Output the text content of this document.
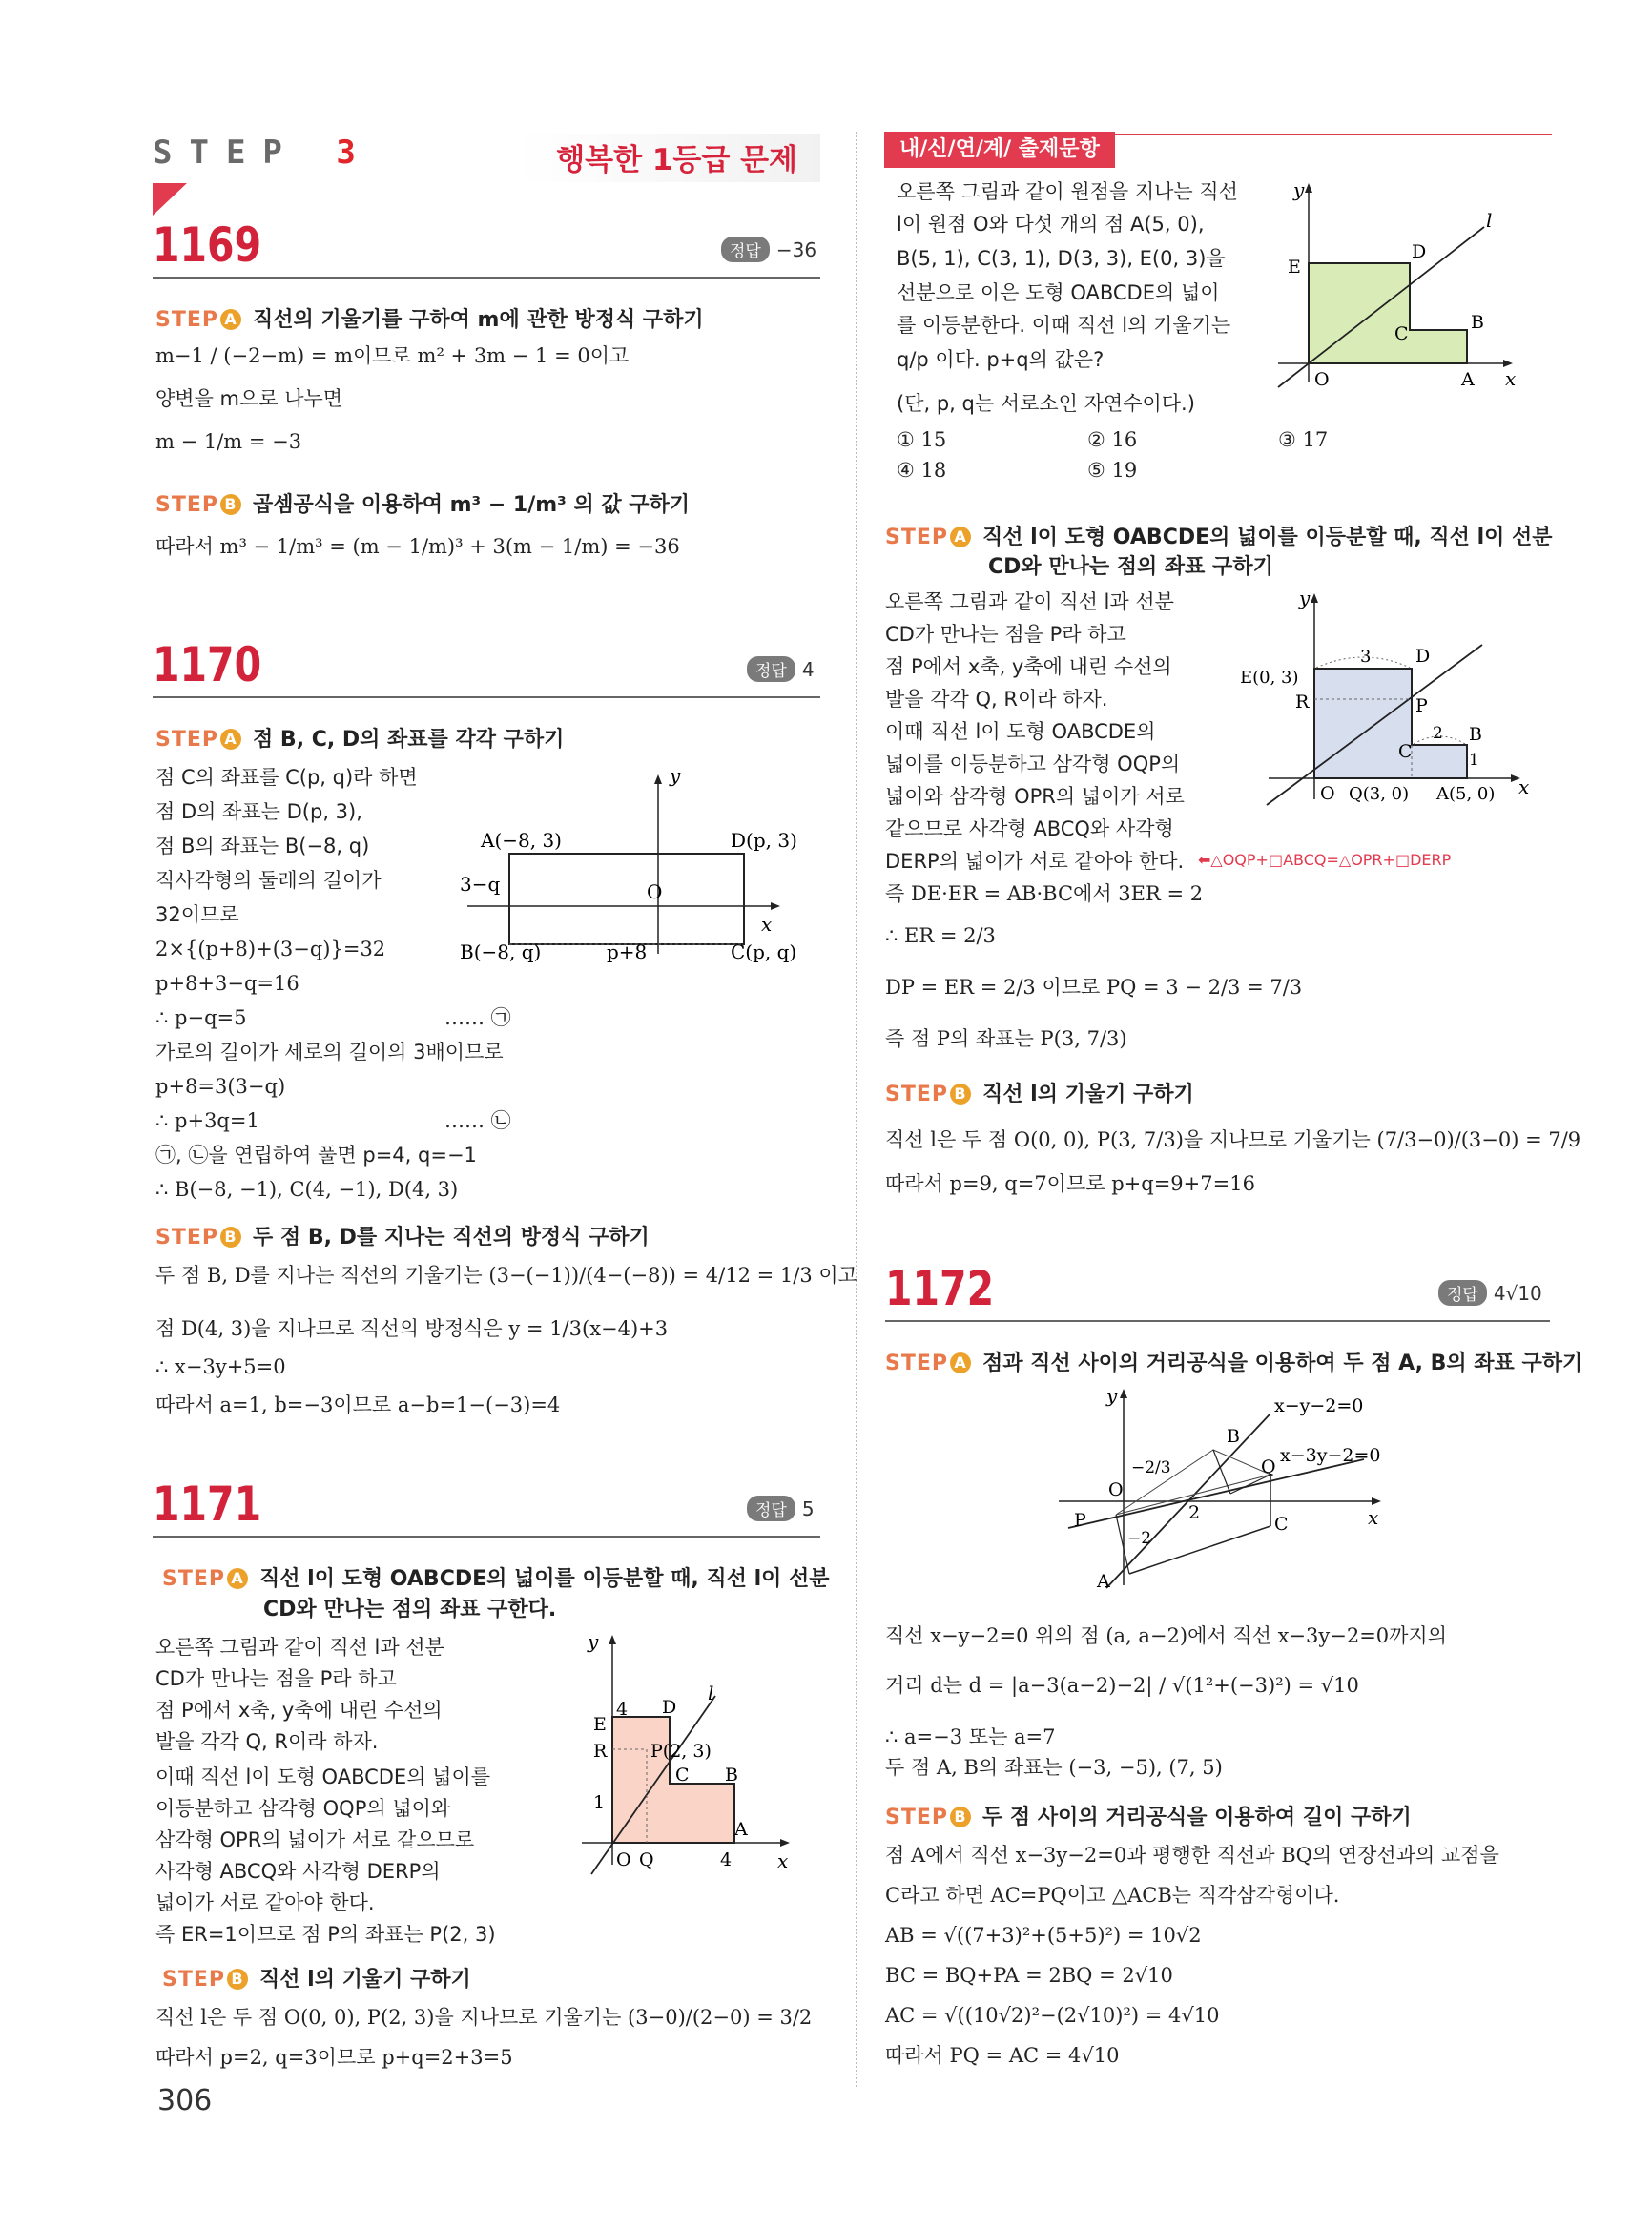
STEP 3	행복한 1등급 문제
1169	정답 −36
STEP A 직선의 기울기를 구하여 m에 관한 방정식 구하기
m−1 / (−2−m) = m이므로 m² + 3m − 1 = 0이고
양변을 m으로 나누면
m − 1/m = −3
STEP B 곱셈공식을 이용하여 m³ − 1/m³ 의 값 구하기
따라서 m³ − 1/m³ = (m − 1/m)³ + 3(m − 1/m) = −36
1170	정답 4
STEP A 점 B, C, D의 좌표를 각각 구하기
점 C의 좌표를 C(p, q)라 하면
점 D의 좌표는 D(p, 3),
점 B의 좌표는 B(−8, q)
직사각형의 둘레의 길이가
32이므로
2×{(p+8)+(3−q)}=32
p+8+3−q=16
∴ p−q=5	…… ㉠
가로의 길이가 세로의 길이의 3배이므로
p+8=3(3−q)
∴ p+3q=1	…… ㉡
㉠, ㉡을 연립하여 풀면 p=4, q=−1
∴ B(−8, −1), C(4, −1), D(4, 3)
y
x
O
A(−8, 3)	D(p, 3)
3−q
B(−8, q)	p+8	C(p, q)
STEP B 두 점 B, D를 지나는 직선의 방정식 구하기
두 점 B, D를 지나는 직선의 기울기는 (3−(−1))/(4−(−8)) = 4/12 = 1/3 이고
점 D(4, 3)을 지나므로 직선의 방정식은 y = 1/3(x−4)+3
∴ x−3y+5=0
따라서 a=1, b=−3이므로 a−b=1−(−3)=4
1171	정답 5
STEP A 직선 l이 도형 OABCDE의 넓이를 이등분할 때, 직선 l이 선분
CD와 만나는 점의 좌표 구한다.
오른쪽 그림과 같이 직선 l과 선분
CD가 만나는 점을 P라 하고
점 P에서 x축, y축에 내린 수선의
발을 각각 Q, R이라 하자.
이때 직선 l이 도형 OABCDE의 넓이를
이등분하고 삼각형 OQP의 넓이와
삼각형 OPR의 넓이가 서로 같으므로
사각형 ABCQ와 사각형 DERP의
넓이가 서로 같아야 한다.
즉 ER=1이므로 점 P의 좌표는 P(2, 3)
y
x
l
E
4 D
R P(2, 3)
C B
1
A
O Q	4
STEP B 직선 l의 기울기 구하기
직선 l은 두 점 O(0, 0), P(2, 3)을 지나므로 기울기는 (3−0)/(2−0) = 3/2
따라서 p=2, q=3이므로 p+q=2+3=5
306
내/신/연/계/ 출제문항
오른쪽 그림과 같이 원점을 지나는 직선
l이 원점 O와 다섯 개의 점 A(5, 0),
B(5, 1), C(3, 1), D(3, 3), E(0, 3)을
선분으로 이은 도형 OABCDE의 넓이
를 이등분한다. 이때 직선 l의 기울기는
q/p 이다. p+q의 값은?
(단, p, q는 서로소인 자연수이다.)
① 15	② 16	③ 17
④ 18	⑤ 19
y
x
l
E
D
C
B
O	A
STEP A 직선 l이 도형 OABCDE의 넓이를 이등분할 때, 직선 l이 선분
CD와 만나는 점의 좌표 구하기
오른쪽 그림과 같이 직선 l과 선분
CD가 만나는 점을 P라 하고
점 P에서 x축, y축에 내린 수선의
발을 각각 Q, R이라 하자.
이때 직선 l이 도형 OABCDE의
넓이를 이등분하고 삼각형 OQP의
넓이와 삼각형 OPR의 넓이가 서로
같으므로 사각형 ABCQ와 사각형
DERP의 넓이가 서로 같아야 한다. ⬅△OQP+□ABCQ=△OPR+□DERP
즉 DE·ER = AB·BC에서 3ER = 2
∴ ER = 2/3
DP = ER = 2/3 이므로 PQ = 3 − 2/3 = 7/3
즉 점 P의 좌표는 P(3, 7/3)
y
x
3
E(0, 3)
D
R	P
2 B
C	1
O Q(3, 0) A(5, 0)
STEP B 직선 l의 기울기 구하기
직선 l은 두 점 O(0, 0), P(3, 7/3)을 지나므로 기울기는 (7/3−0)/(3−0) = 7/9
따라서 p=9, q=7이므로 p+q=9+7=16
1172	정답 4√10
STEP A 점과 직선 사이의 거리공식을 이용하여 두 점 A, B의 좌표 구하기
y
x
x−y−2=0
x−3y−2=0
B
Q
C
−2/3
O
2
P
−2
A
직선 x−y−2=0 위의 점 (a, a−2)에서 직선 x−3y−2=0까지의
거리 d는 d = |a−3(a−2)−2| / √(1²+(−3)²) = √10
∴ a=−3 또는 a=7
두 점 A, B의 좌표는 (−3, −5), (7, 5)
STEP B 두 점 사이의 거리공식을 이용하여 길이 구하기
점 A에서 직선 x−3y−2=0과 평행한 직선과 BQ의 연장선과의 교점을
C라고 하면 AC=PQ이고 △ACB는 직각삼각형이다.
AB = √((7+3)²+(5+5)²) = 10√2
BC = BQ+PA = 2BQ = 2√10
AC = √((10√2)²−(2√10)²) = 4√10
따라서 PQ = AC = 4√10
